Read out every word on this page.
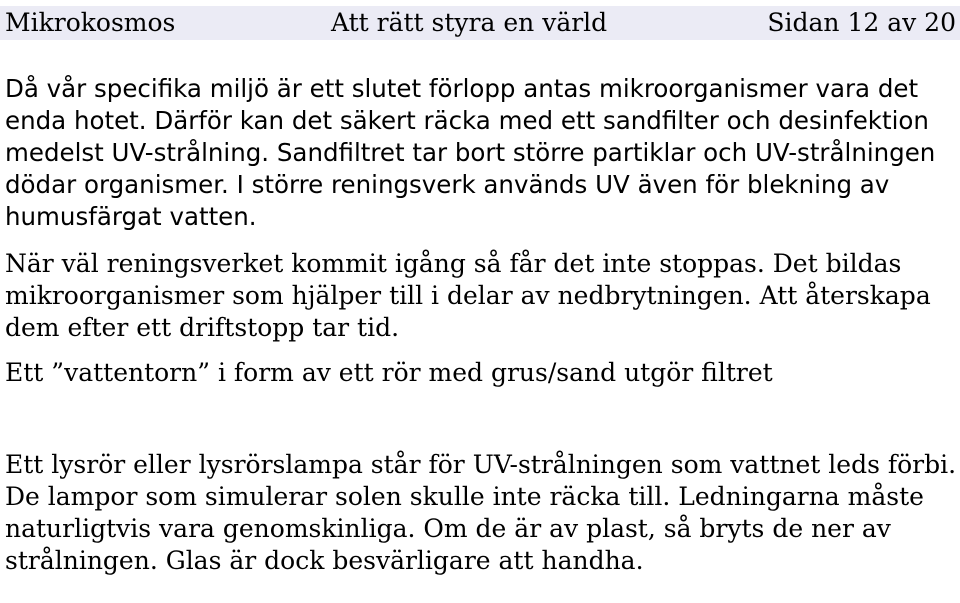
Mikrokosmos	Att rätt styra en värld	Sidan 12 av 20

Då vår specifika miljö är ett slutet förlopp antas mikroorganismer vara det enda hotet. Därför kan det säkert räcka med ett sandfilter och desinfektion medelst UV-strålning. Sandfiltret tar bort större partiklar och UV-strålningen dödar organismer. I större reningsverk används UV även för blekning av humusfärgat vatten.

När väl reningsverket kommit igång så får det inte stoppas. Det bildas mikroorganismer som hjälper till i delar av nedbrytningen. Att återskapa dem efter ett driftstopp tar tid.

Ett ”vattentorn” i form av ett rör med grus/sand utgör filtret

Ett lysrör eller lysrörslampa står för UV-strålningen som vattnet leds förbi. De lampor som simulerar solen skulle inte räcka till. Ledningarna måste naturligtvis vara genomskinliga. Om de är av plast, så bryts de ner av strålningen. Glas är dock besvärligare att handha.
